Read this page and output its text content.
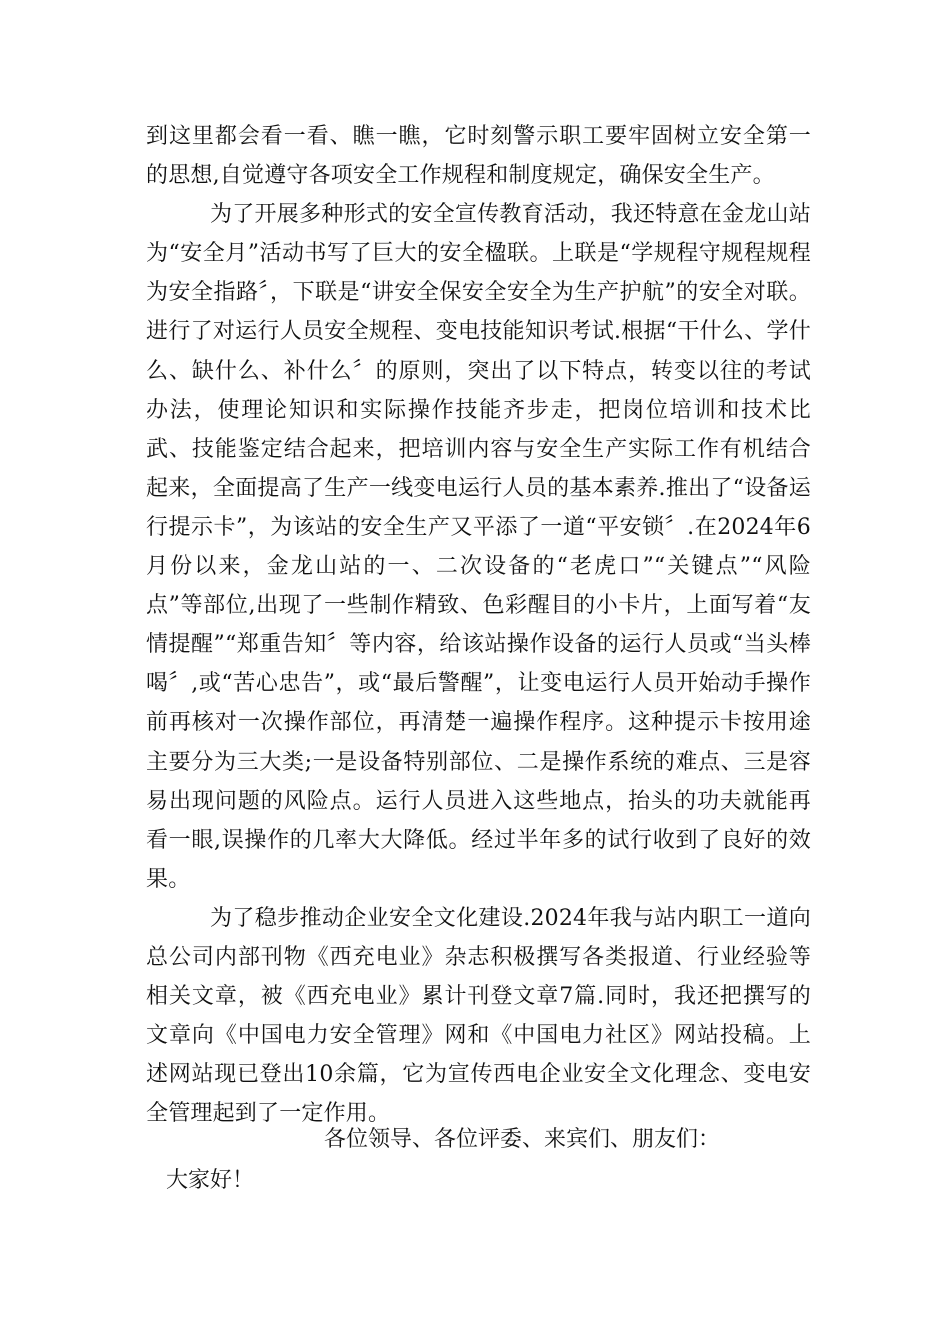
到这里都会看一看、瞧一瞧，它时刻警示职工要牢固树立安全第一的思想,自觉遵守各项安全工作规程和制度规定，确保安全生产。

为了开展多种形式的安全宣传教育活动，我还特意在金龙山站为“安全月”活动书写了巨大的安全楹联。上联是“学规程守规程规程为安全指路〞，下联是“讲安全保安全安全为生产护航”的安全对联。 进行了对运行人员安全规程、变电技能知识考试.根据“干什么、学什么、缺什么、补什么〞的原则，突出了以下特点，转变以往的考试办法，使理论知识和实际操作技能齐步走，把岗位培训和技术比武、技能鉴定结合起来，把培训内容与安全生产实际工作有机结合起来，全面提高了生产一线变电运行人员的基本素养.推出了“设备运行提示卡”，为该站的安全生产又平添了一道“平安锁〞.在2024年6月份以来，金龙山站的一、二次设备的“老虎口”“关键点”“风险点”等部位,出现了一些制作精致、色彩醒目的小卡片，上面写着“友情提醒”“郑重告知〞等内容，给该站操作设备的运行人员或“当头棒喝〞,或“苦心忠告”，或“最后警醒”，让变电运行人员开始动手操作前再核对一次操作部位，再清楚一遍操作程序。这种提示卡按用途主要分为三大类;一是设备特别部位、二是操作系统的难点、三是容易出现问题的风险点。运行人员进入这些地点，抬头的功夫就能再看一眼,误操作的几率大大降低。经过半年多的试行收到了良好的效果。

为了稳步推动企业安全文化建设.2024年我与站内职工一道向总公司内部刊物《西充电业》杂志积极撰写各类报道、行业经验等相关文章，被《西充电业》累计刊登文章7篇.同时，我还把撰写的文章向《中国电力安全管理》网和《中国电力社区》网站投稿。上述网站现已登出10余篇，它为宣传西电企业安全文化理念、变电安全管理起到了一定作用。

各位领导、各位评委、来宾们、朋友们：

大家好！
